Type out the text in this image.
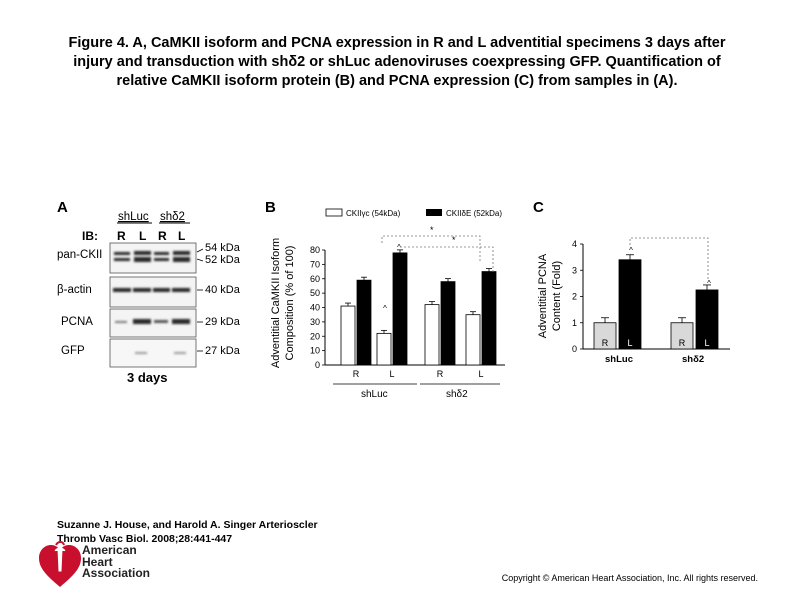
Figure 4. A, CaMKII isoform and PCNA expression in R and L adventitial specimens 3 days after
injury and transduction with shδ2 or shLuc adenoviruses coexpressing GFP. Quantification of
relative CaMKII isoform protein (B) and PCNA expression (C) from samples in (A).
A
IB:
shLuc shδ2
R L R L
pan-CKII
β-actin
PCNA
GFP
54 kDa
52 kDa
40 kDa
29 kDa
27 kDa
3 days
B	CKIIγc (54kDa)	CKIIδE (52kDa)
Adventitial CaMKII Isoform Composition (% of 100)
shLuc	shδ2
*
*
^
^
0
10
20
30
40
50
60
70
80
R	L	R	L
C
Adventitial PCNA Content (Fold)
shLuc	shδ2
^
^
0
1
2
3
4
R L	R L
Suzanne J. House, and Harold A. Singer Arterioscler
Thromb Vasc Biol. 2008;28:441-447
American
Heart
Association	Copyright © American Heart Association, Inc. All rights reserved.
